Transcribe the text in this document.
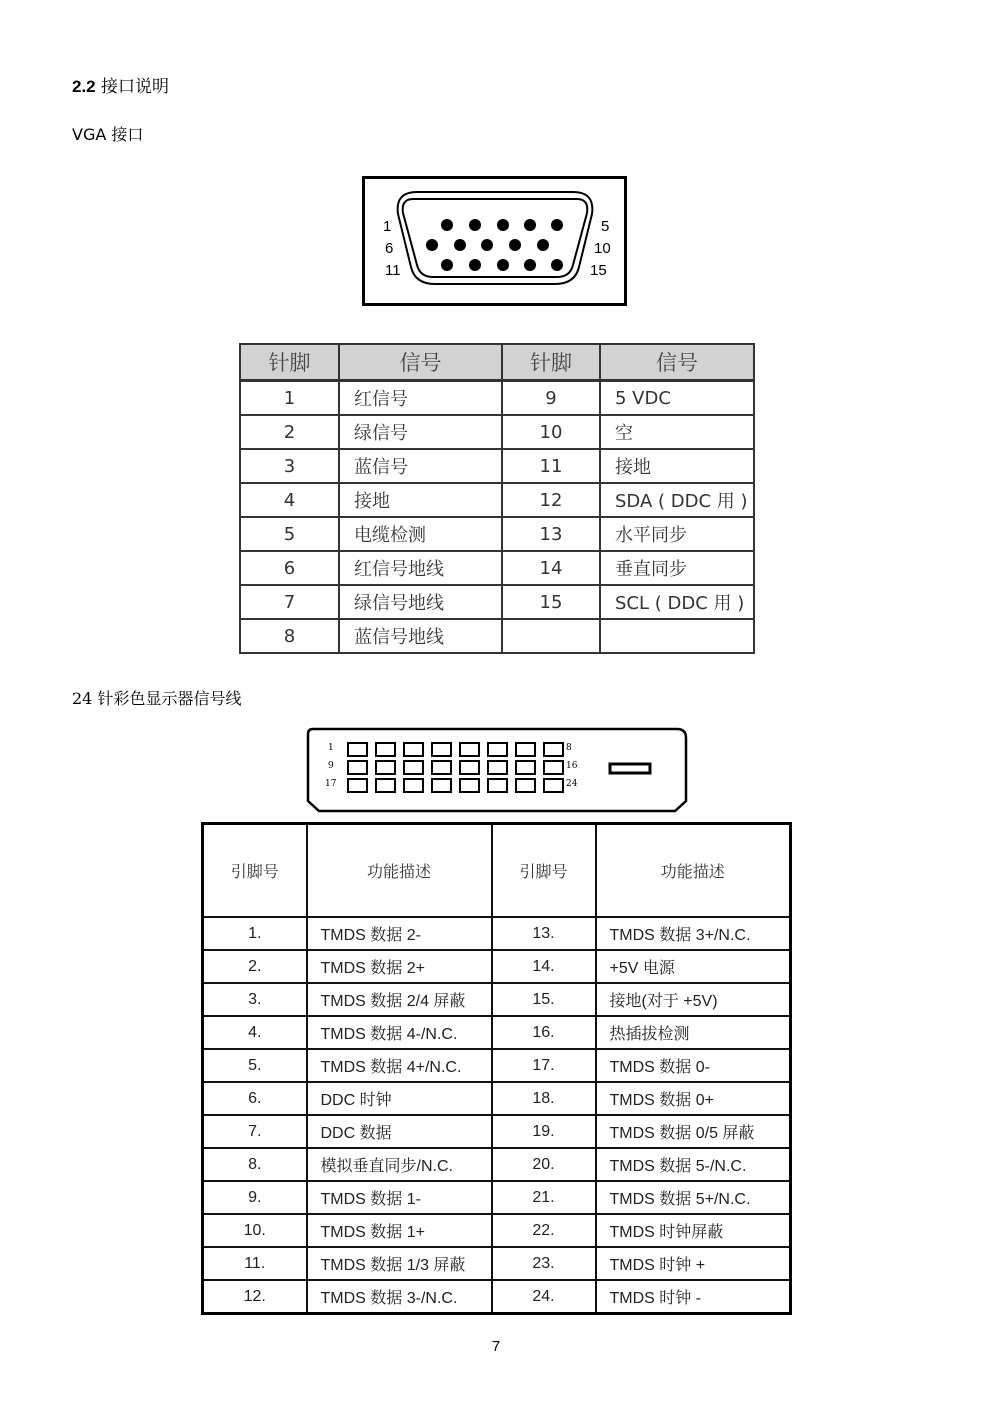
2.2 接口说明
VGA 接口
1
6
11
5
10
15
针脚	信号	针脚	信号
1	红信号	9	5 VDC
2	绿信号	10	空
3	蓝信号	11	接地
4	接地	12	SDA ( DDC 用 )
5	电缆检测	13	水平同步
6	红信号地线	14	垂直同步
7	绿信号地线	15	SCL ( DDC 用 )
8	蓝信号地线		
24 针彩色显示器信号线
1
9
17
8
16
24
引脚号	功能描述	引脚号	功能描述
1.	TMDS 数据 2-	13.	TMDS 数据 3+/N.C.
2.	TMDS 数据 2+	14.	+5V 电源
3.	TMDS 数据 2/4 屏蔽	15.	接地(对于 +5V)
4.	TMDS 数据 4-/N.C.	16.	热插拔检测
5.	TMDS 数据 4+/N.C.	17.	TMDS 数据 0-
6.	DDC 时钟	18.	TMDS 数据 0+
7.	DDC 数据	19.	TMDS 数据 0/5 屏蔽
8.	模拟垂直同步/N.C.	20.	TMDS 数据 5-/N.C.
9.	TMDS 数据 1-	21.	TMDS 数据 5+/N.C.
10.	TMDS 数据 1+	22.	TMDS 时钟屏蔽
11.	TMDS 数据 1/3 屏蔽	23.	TMDS 时钟 +
12.	TMDS 数据 3-/N.C.	24.	TMDS 时钟 -
7
